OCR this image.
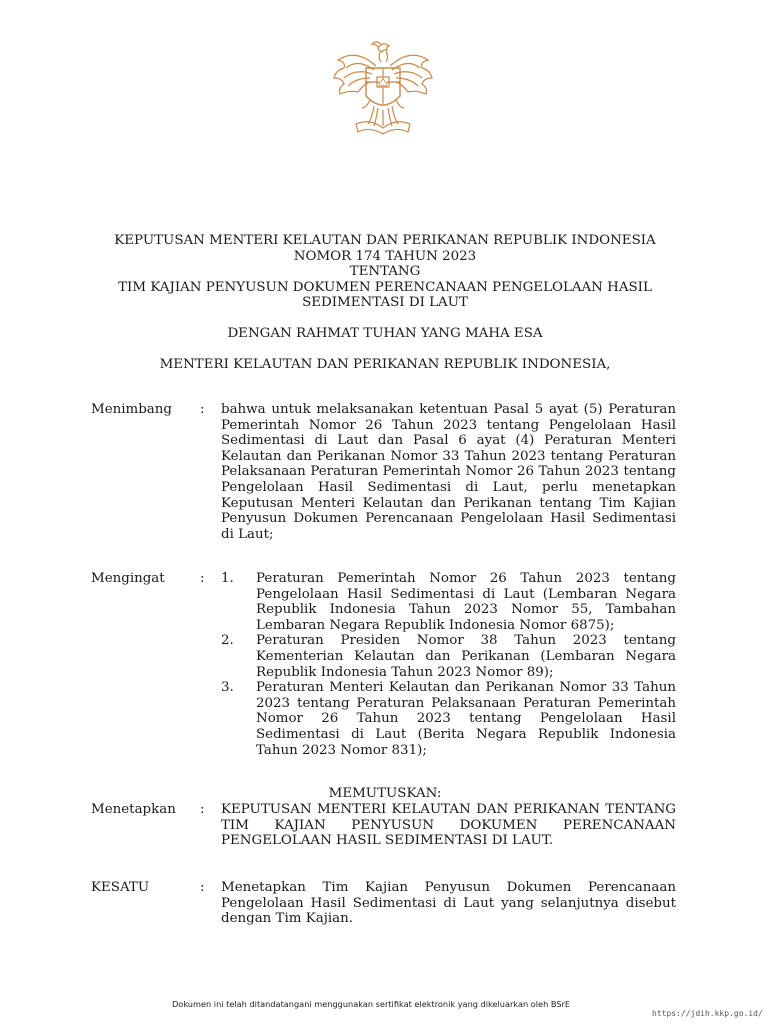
KEPUTUSAN MENTERI KELAUTAN DAN PERIKANAN REPUBLIK INDONESIA
NOMOR 174 TAHUN 2023
TENTANG
TIM KAJIAN PENYUSUN DOKUMEN PERENCANAAN PENGELOLAAN HASIL
SEDIMENTASI DI LAUT
DENGAN RAHMAT TUHAN YANG MAHA ESA
MENTERI KELAUTAN DAN PERIKANAN REPUBLIK INDONESIA,
Menimbang : bahwa untuk melaksanakan ketentuan Pasal 5 ayat (5) Peraturan Pemerintah Nomor 26 Tahun 2023 tentang Pengelolaan Hasil Sedimentasi di Laut dan Pasal 6 ayat (4) Peraturan Menteri Kelautan dan Perikanan Nomor 33 Tahun 2023 tentang Peraturan Pelaksanaan Peraturan Pemerintah Nomor 26 Tahun 2023 tentang Pengelolaan Hasil Sedimentasi di Laut, perlu menetapkan Keputusan Menteri Kelautan dan Perikanan tentang Tim Kajian Penyusun Dokumen Perencanaan Pengelolaan Hasil Sedimentasi di Laut;
Mengingat	: 1. Peraturan Pemerintah Nomor 26 Tahun 2023 tentang Pengelolaan Hasil Sedimentasi di Laut (Lembaran Negara Republik Indonesia Tahun 2023 Nomor 55, Tambahan Lembaran Negara Republik Indonesia Nomor 6875);
2. Peraturan Presiden Nomor 38 Tahun 2023 tentang Kementerian Kelautan dan Perikanan (Lembaran Negara Republik Indonesia Tahun 2023 Nomor 89);
3. Peraturan Menteri Kelautan dan Perikanan Nomor 33 Tahun 2023 tentang Peraturan Pelaksanaan Peraturan Pemerintah Nomor 26 Tahun 2023 tentang Pengelolaan Hasil Sedimentasi di Laut (Berita Negara Republik Indonesia Tahun 2023 Nomor 831);
MEMUTUSKAN:
Menetapkan : KEPUTUSAN MENTERI KELAUTAN DAN PERIKANAN TENTANG TIM KAJIAN PENYUSUN DOKUMEN PERENCANAAN PENGELOLAAN HASIL SEDIMENTASI DI LAUT.
KESATU	: Menetapkan Tim Kajian Penyusun Dokumen Perencanaan Pengelolaan Hasil Sedimentasi di Laut yang selanjutnya disebut dengan Tim Kajian.
Dokumen ini telah ditandatangani menggunakan sertifikat elektronik yang dikeluarkan oleh BSrE
https://jdih.kkp.go.id/
